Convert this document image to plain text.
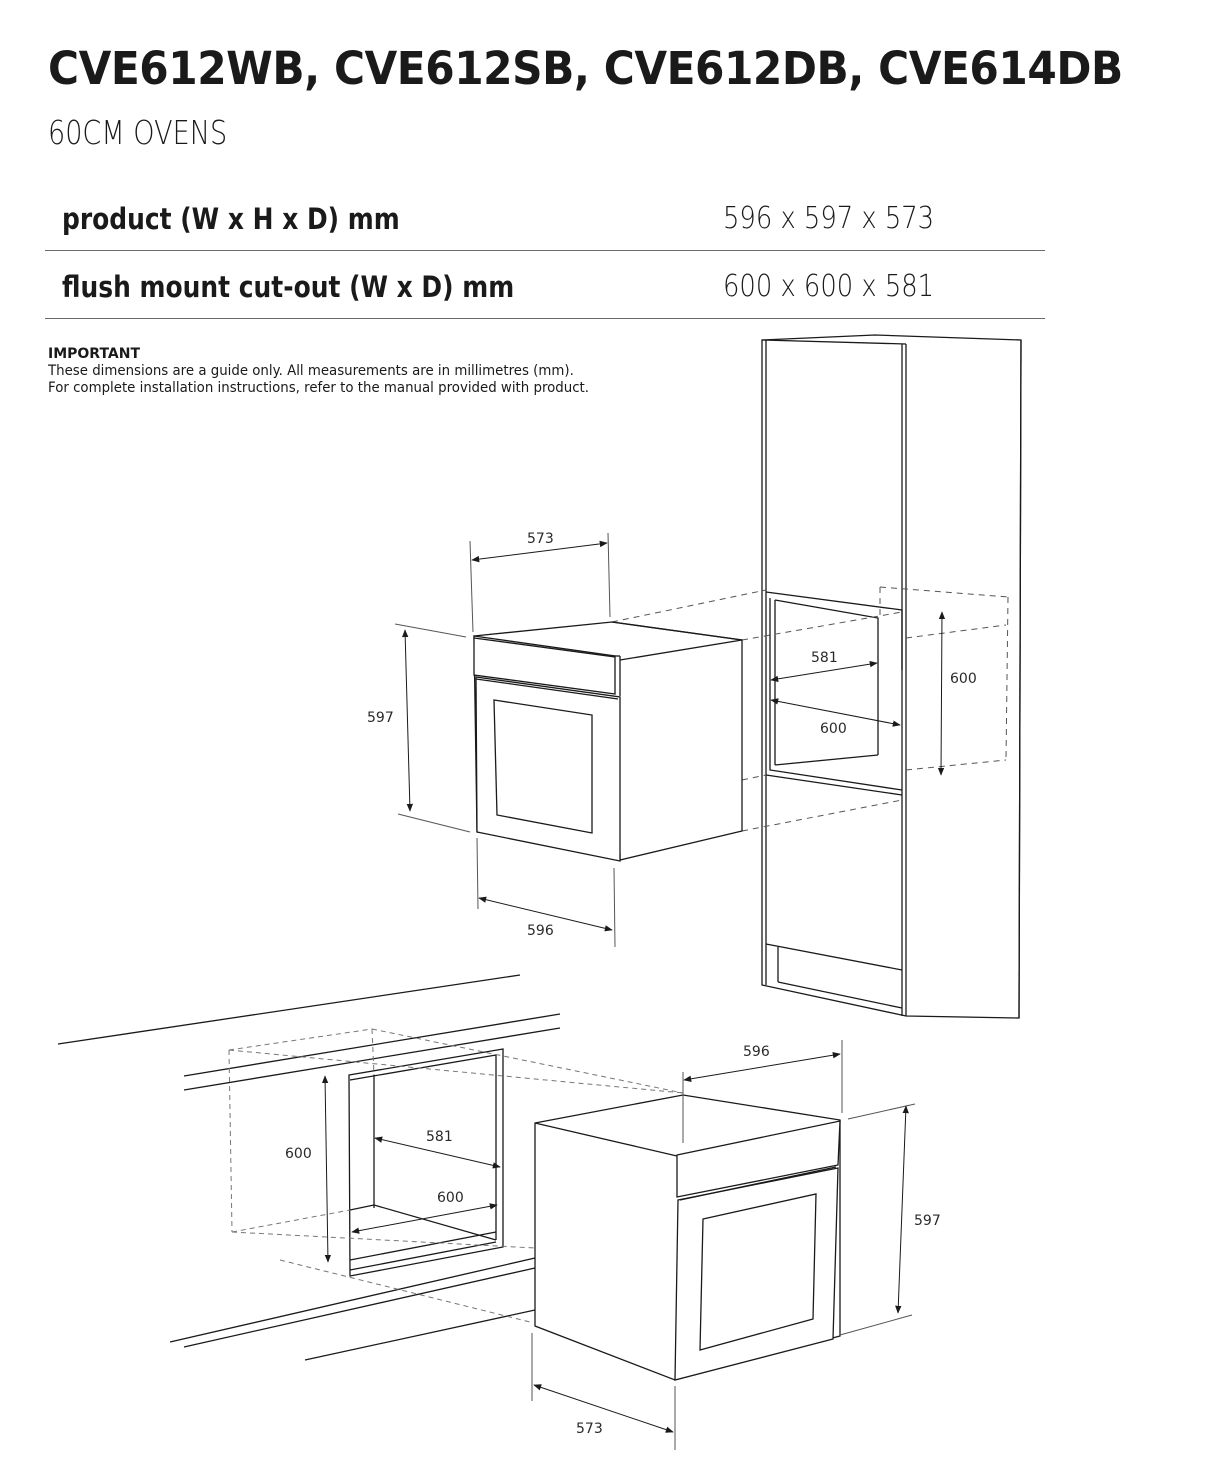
CVE612WB, CVE612SB, CVE612DB, CVE614DB
60CM OVENS
product (W x H x D) mm	596 x 597 x 573
flush mount cut-out (W x D) mm	600 x 600 x 581
IMPORTANT
These dimensions are a guide only. All measurements are in millimetres (mm).
For complete installation instructions, refer to the manual provided with product.
573
597
596
581
600
600
600
581
600
596
597
573
